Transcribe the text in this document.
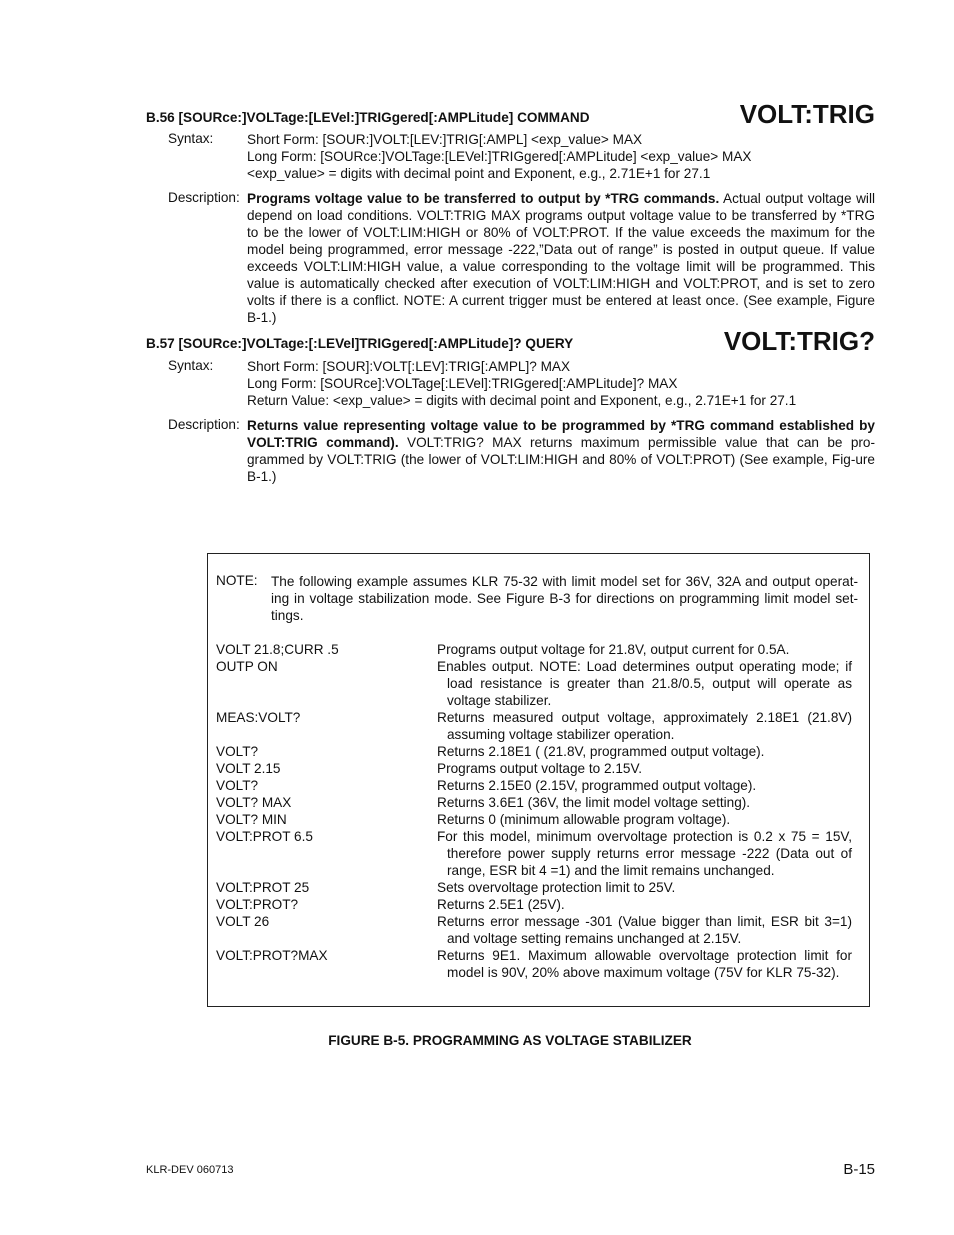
B.56 [SOURce:]VOLTage:[LEVel:]TRIGgered[:AMPLitude] COMMAND	VOLT:TRIG
Syntax:	Short Form: [SOUR:]VOLT:[LEV:]TRIG[:AMPL] <exp_value> MAX
Long Form: [SOURce:]VOLTage:[LEVel:]TRIGgered[:AMPLitude] <exp_value> MAX
<exp_value> = digits with decimal point and Exponent, e.g., 2.71E+1 for 27.1
Description: Programs voltage value to be transferred to output by *TRG commands. Actual output voltage will depend on load conditions. VOLT:TRIG MAX programs output voltage value to be transferred by *TRG to be the lower of VOLT:LIM:HIGH or 80% of VOLT:PROT. If the value exceeds the maximum for the model being programmed, error message -222,”Data out of range” is posted in output queue. If value exceeds VOLT:LIM:HIGH value, a value corresponding to the voltage limit will be programmed. This value is automatically checked after execution of VOLT:LIM:HIGH and VOLT:PROT, and is set to zero volts if there is a conflict. NOTE: A current trigger must be entered at least once. (See example, Figure B-1.)
B.57 [SOURce:]VOLTage:[:LEVel]TRIGgered[:AMPLitude]? QUERY	VOLT:TRIG?
Syntax:	Short Form: [SOUR]:VOLT[:LEV]:TRIG[:AMPL]? MAX
Long Form: [SOURce]:VOLTage[:LEVel]:TRIGgered[:AMPLitude]? MAX
Return Value: <exp_value> = digits with decimal point and Exponent, e.g., 2.71E+1 for 27.1
Description: Returns value representing voltage value to be programmed by *TRG command established by VOLT:TRIG command). VOLT:TRIG? MAX returns maximum permissible value that can be pro-grammed by VOLT:TRIG (the lower of VOLT:LIM:HIGH and 80% of VOLT:PROT) (See example, Fig-ure B-1.)
NOTE: The following example assumes KLR 75-32 with limit model set for 36V, 32A and output operat-ing in voltage stabilization mode. See Figure B-3 for directions on programming limit model set-tings.
VOLT 21.8;CURR .5	Programs output voltage for 21.8V, output current for 0.5A.
OUTP ON	Enables output. NOTE: Load determines output operating mode; if
load resistance is greater than 21.8/0.5, output will operate as voltage stabilizer.
MEAS:VOLT?	Returns measured output voltage, approximately 2.18E1 (21.8V)
assuming voltage stabilizer operation.
VOLT?	Returns 2.18E1 ( (21.8V, programmed output voltage).
VOLT 2.15	Programs output voltage to 2.15V.
VOLT?	Returns 2.15E0 (2.15V, programmed output voltage).
VOLT? MAX	Returns 3.6E1 (36V, the limit model voltage setting).
VOLT? MIN	Returns 0 (minimum allowable program voltage).
VOLT:PROT 6.5	For this model, minimum overvoltage protection is 0.2 x 75 = 15V,
therefore power supply returns error message -222 (Data out of range, ESR bit 4 =1) and the limit remains unchanged.
VOLT:PROT 25	Sets overvoltage protection limit to 25V.
VOLT:PROT?	Returns 2.5E1 (25V).
VOLT 26	Returns error message -301 (Value bigger than limit, ESR bit 3=1)
and voltage setting remains unchanged at 2.15V.
VOLT:PROT?MAX	Returns 9E1. Maximum allowable overvoltage protection limit for
model is 90V, 20% above maximum voltage (75V for KLR 75-32).
FIGURE B-5. PROGRAMMING AS VOLTAGE STABILIZER
KLR-DEV 060713	B-15
